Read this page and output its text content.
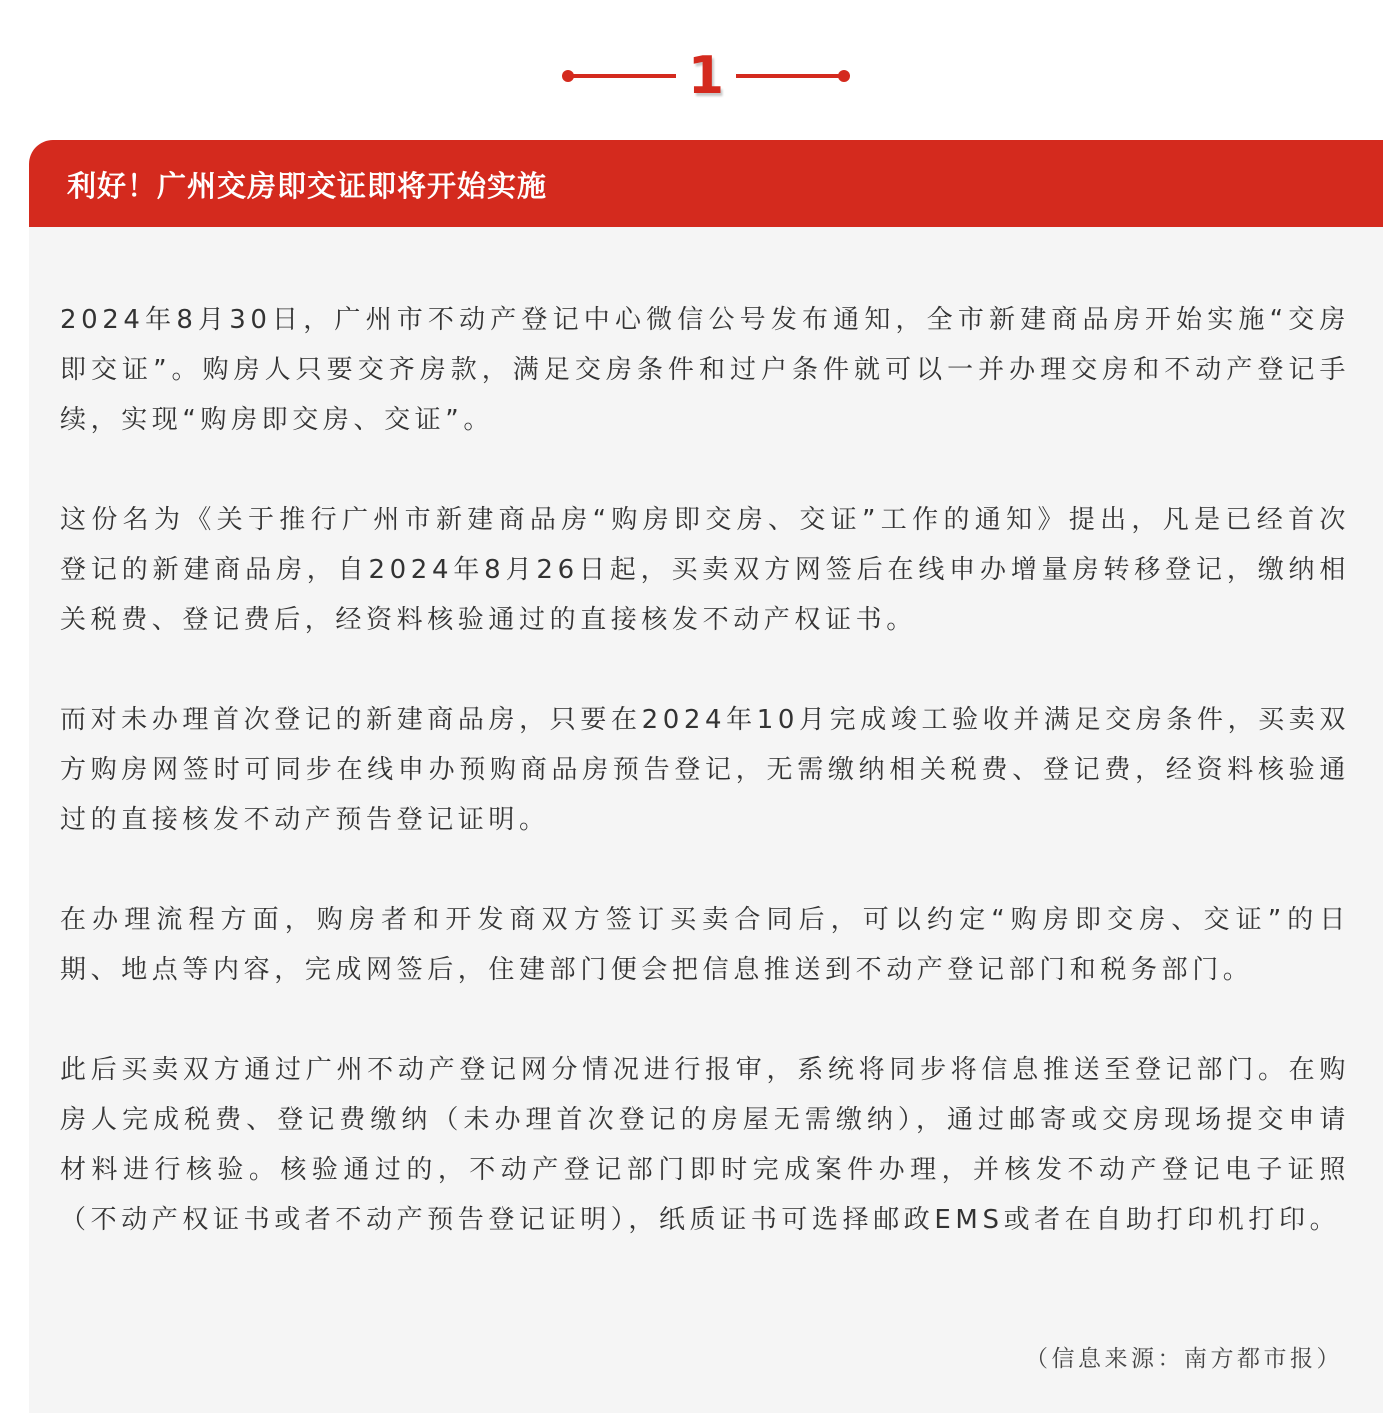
1
利好！广州交房即交证即将开始实施

2024年8月30日，广州市不动产登记中心微信公号发布通知，全市新建商品房开始实施“交房即交证”。购房人只要交齐房款，满足交房条件和过户条件就可以一并办理交房和不动产登记手续，实现“购房即交房、交证”。

这份名为《关于推行广州市新建商品房“购房即交房、交证”工作的通知》提出，凡是已经首次登记的新建商品房，自2024年8月26日起，买卖双方网签后在线申办增量房转移登记，缴纳相关税费、登记费后，经资料核验通过的直接核发不动产权证书。

而对未办理首次登记的新建商品房，只要在2024年10月完成竣工验收并满足交房条件，买卖双方购房网签时可同步在线申办预购商品房预告登记，无需缴纳相关税费、登记费，经资料核验通过的直接核发不动产预告登记证明。

在办理流程方面，购房者和开发商双方签订买卖合同后，可以约定“购房即交房、交证”的日期、地点等内容，完成网签后，住建部门便会把信息推送到不动产登记部门和税务部门。

此后买卖双方通过广州不动产登记网分情况进行报审，系统将同步将信息推送至登记部门。在购房人完成税费、登记费缴纳（未办理首次登记的房屋无需缴纳），通过邮寄或交房现场提交申请材料进行核验。核验通过的，不动产登记部门即时完成案件办理，并核发不动产登记电子证照（不动产权证书或者不动产预告登记证明），纸质证书可选择邮政EMS或者在自助打印机打印。

（信息来源：南方都市报）
